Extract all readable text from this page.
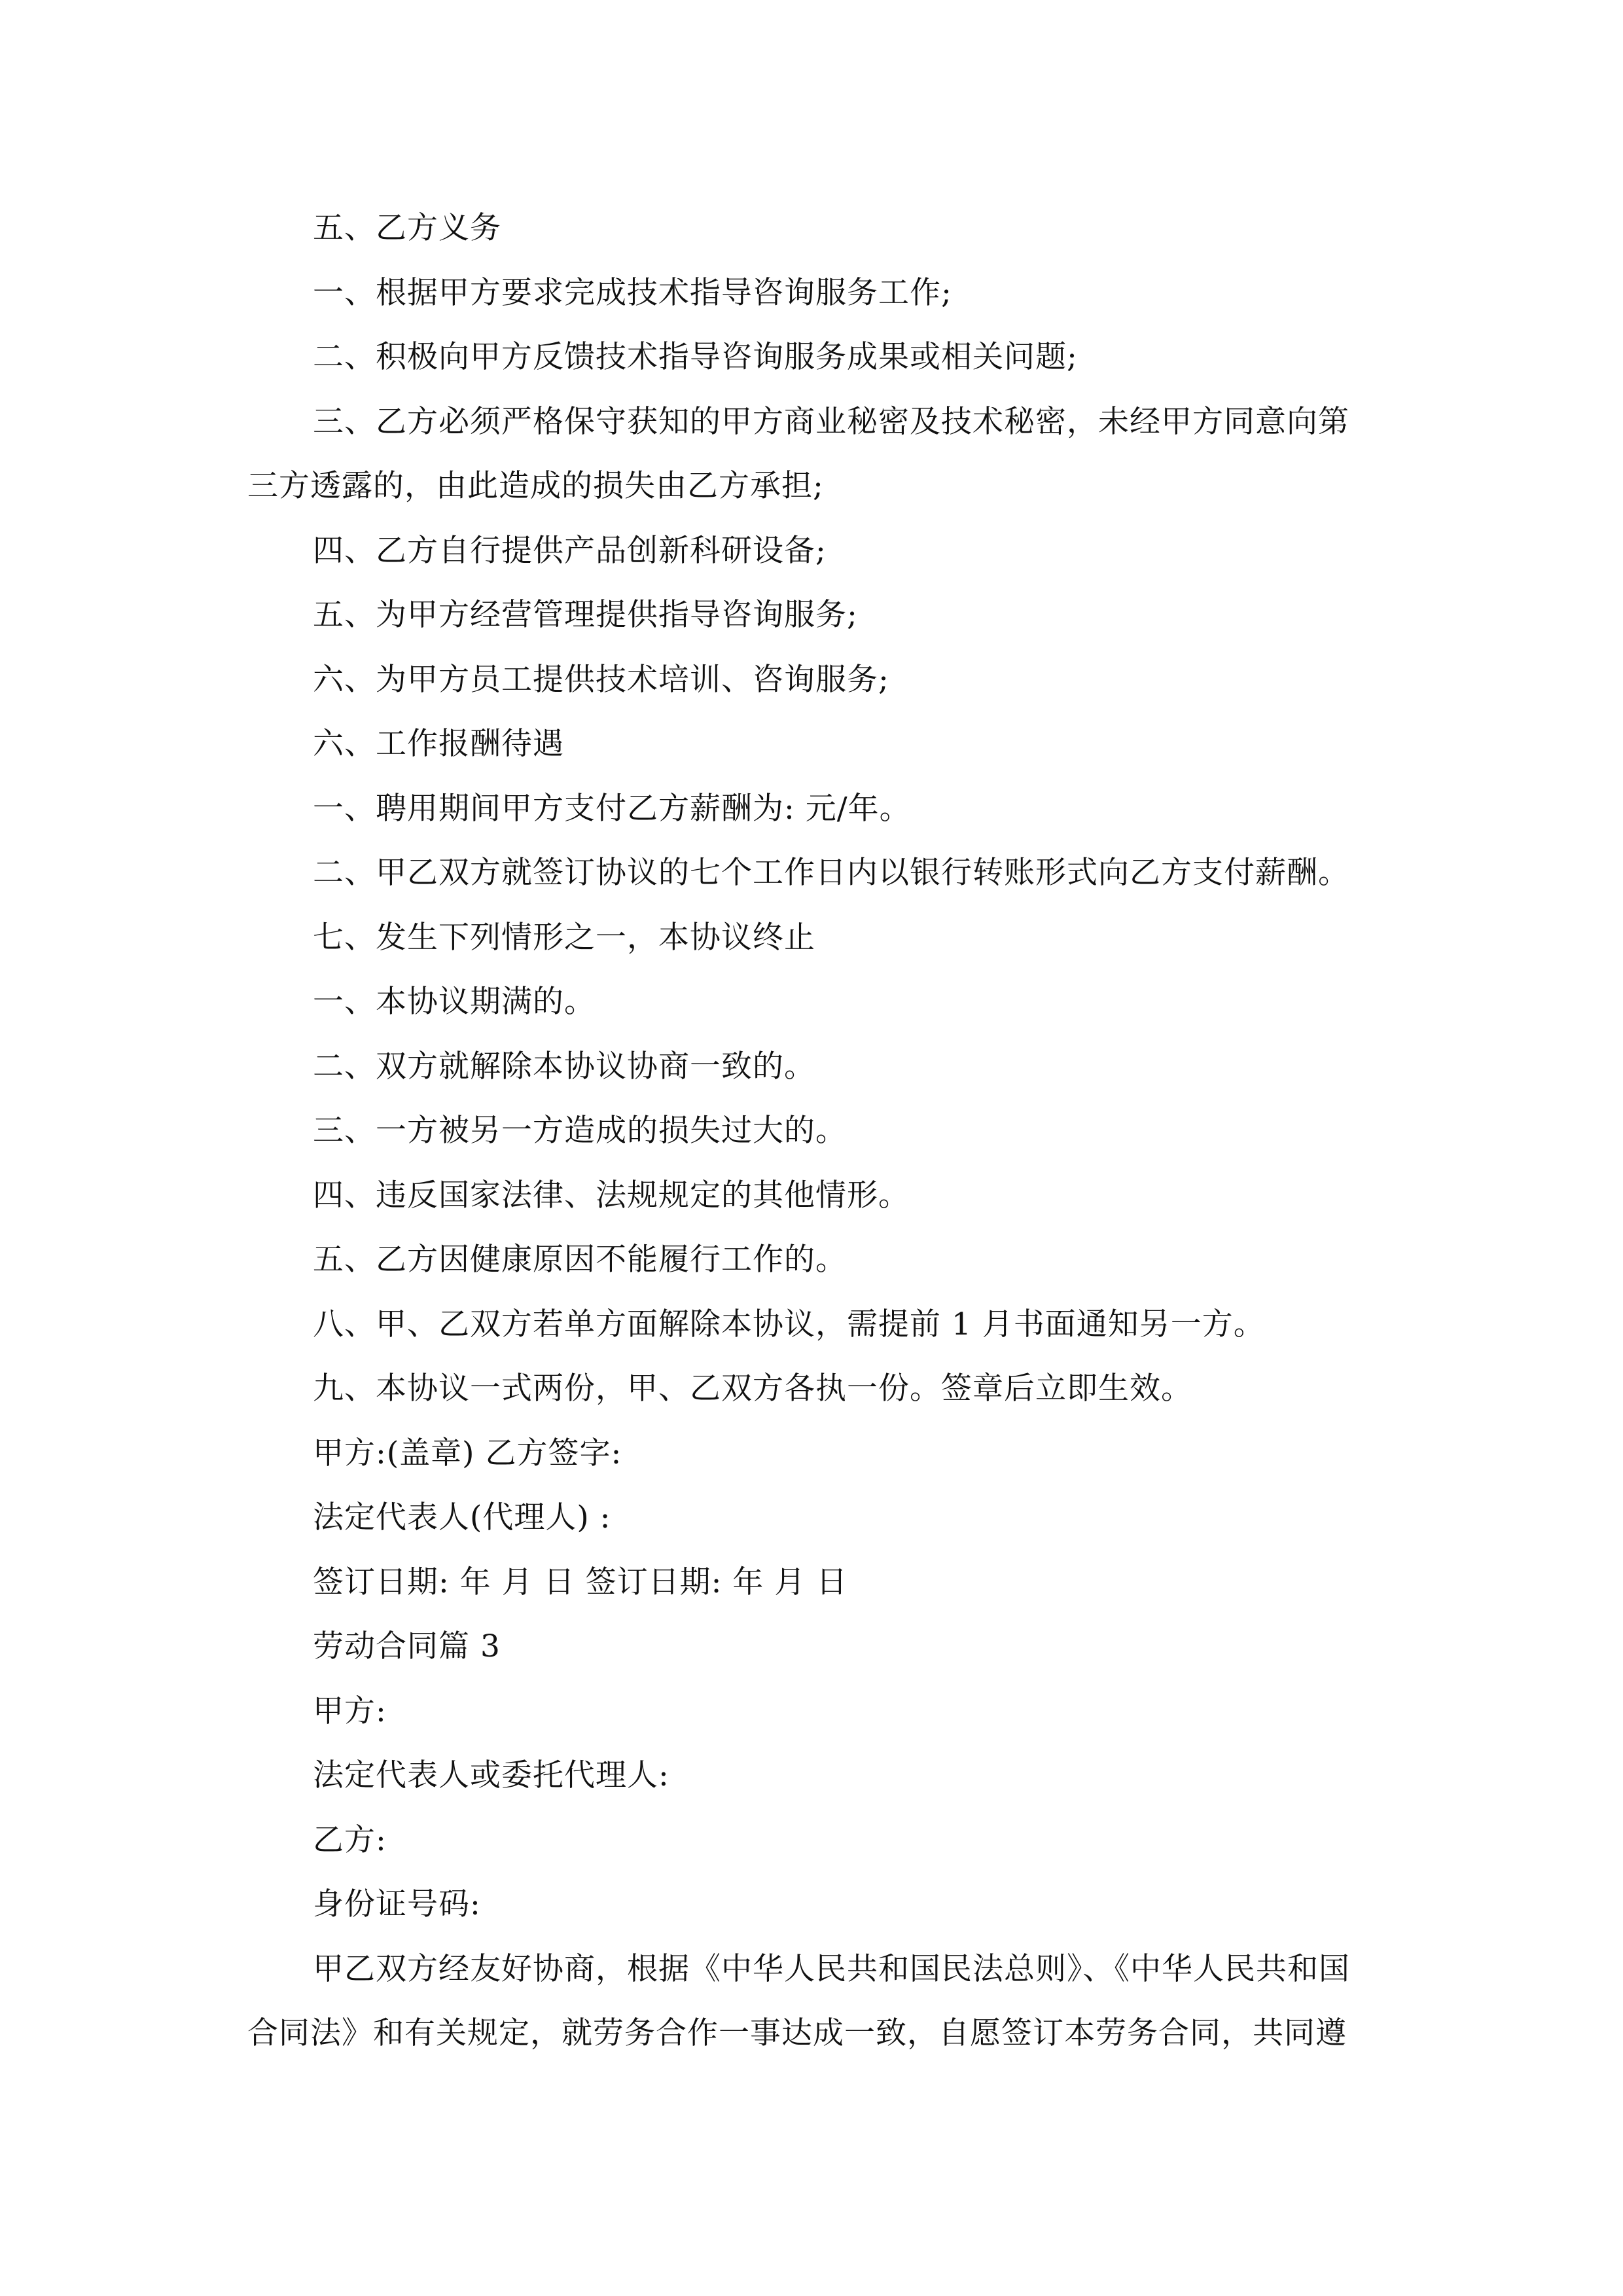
五、乙方义务
一、根据甲方要求完成技术指导咨询服务工作;
二、积极向甲方反馈技术指导咨询服务成果或相关问题;
三、乙方必须严格保守获知的甲方商业秘密及技术秘密，未经甲方同意向第
三方透露的，由此造成的损失由乙方承担;
四、乙方自行提供产品创新科研设备;
五、为甲方经营管理提供指导咨询服务;
六、为甲方员工提供技术培训、咨询服务;
六、工作报酬待遇
一、聘用期间甲方支付乙方薪酬为: 元/年。
二、甲乙双方就签订协议的七个工作日内以银行转账形式向乙方支付薪酬。
七、发生下列情形之一，本协议终止
一、本协议期满的。
二、双方就解除本协议协商一致的。
三、一方被另一方造成的损失过大的。
四、违反国家法律、法规规定的其他情形。
五、乙方因健康原因不能履行工作的。
八、甲、乙双方若单方面解除本协议，需提前 1 月书面通知另一方。
九、本协议一式两份，甲、乙双方各执一份。签章后立即生效。
甲方:(盖章) 乙方签字:
法定代表人(代理人) :
签订日期: 年 月 日 签订日期: 年 月 日
劳动合同篇 3
甲方:
法定代表人或委托代理人:
乙方:
身份证号码:
甲乙双方经友好协商，根据《中华人民共和国民法总则》、《中华人民共和国
合同法》和有关规定，就劳务合作一事达成一致，自愿签订本劳务合同，共同遵
